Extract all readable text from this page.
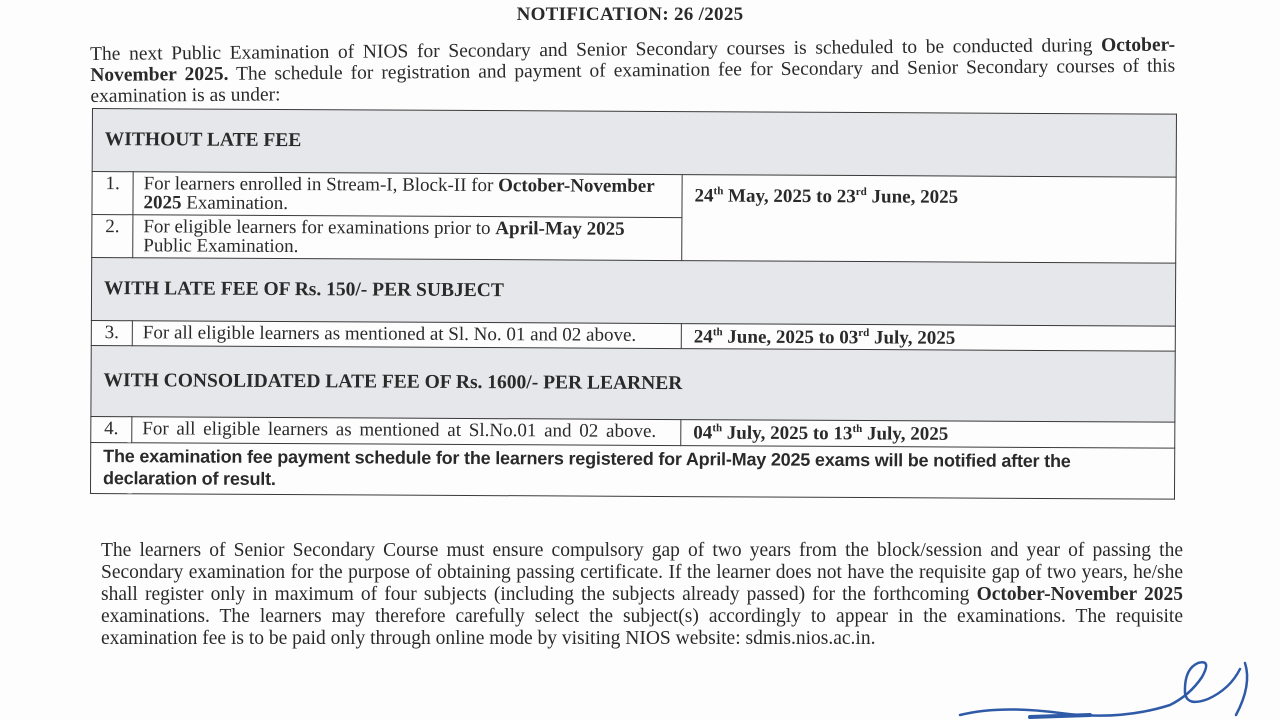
NOTIFICATION: 26 /2025
The next Public Examination of NIOS for Secondary and Senior Secondary courses is scheduled to be conducted during October-November 2025. The schedule for registration and payment of examination fee for Secondary and Senior Secondary courses of this examination is as under:
WITHOUT LATE FEE		
1.	For learners enrolled in Stream-I, Block-II for October-November 2025 Examination.	24th May, 2025 to 23rd June, 2025
2.	For eligible learners for examinations prior to April-May 2025 Public Examination.	
WITH LATE FEE OF Rs. 150/- PER SUBJECT		
3.	For all eligible learners as mentioned at Sl. No. 01 and 02 above.	24th June, 2025 to 03rd July, 2025
WITH CONSOLIDATED LATE FEE OF Rs. 1600/- PER LEARNER		
4.	For all eligible learners as mentioned at Sl.No.01 and 02 above.	04th July, 2025 to 13th July, 2025
The examination fee payment schedule for the learners registered for April-May 2025 exams will be notified after the declaration of result.		
The learners of Senior Secondary Course must ensure compulsory gap of two years from the block/session and year of passing the Secondary examination for the purpose of obtaining passing certificate. If the learner does not have the requisite gap of two years, he/she shall register only in maximum of four subjects (including the subjects already passed) for the forthcoming October-November 2025 examinations. The learners may therefore carefully select the subject(s) accordingly to appear in the examinations. The requisite examination fee is to be paid only through online mode by visiting NIOS website: sdmis.nios.ac.in.
